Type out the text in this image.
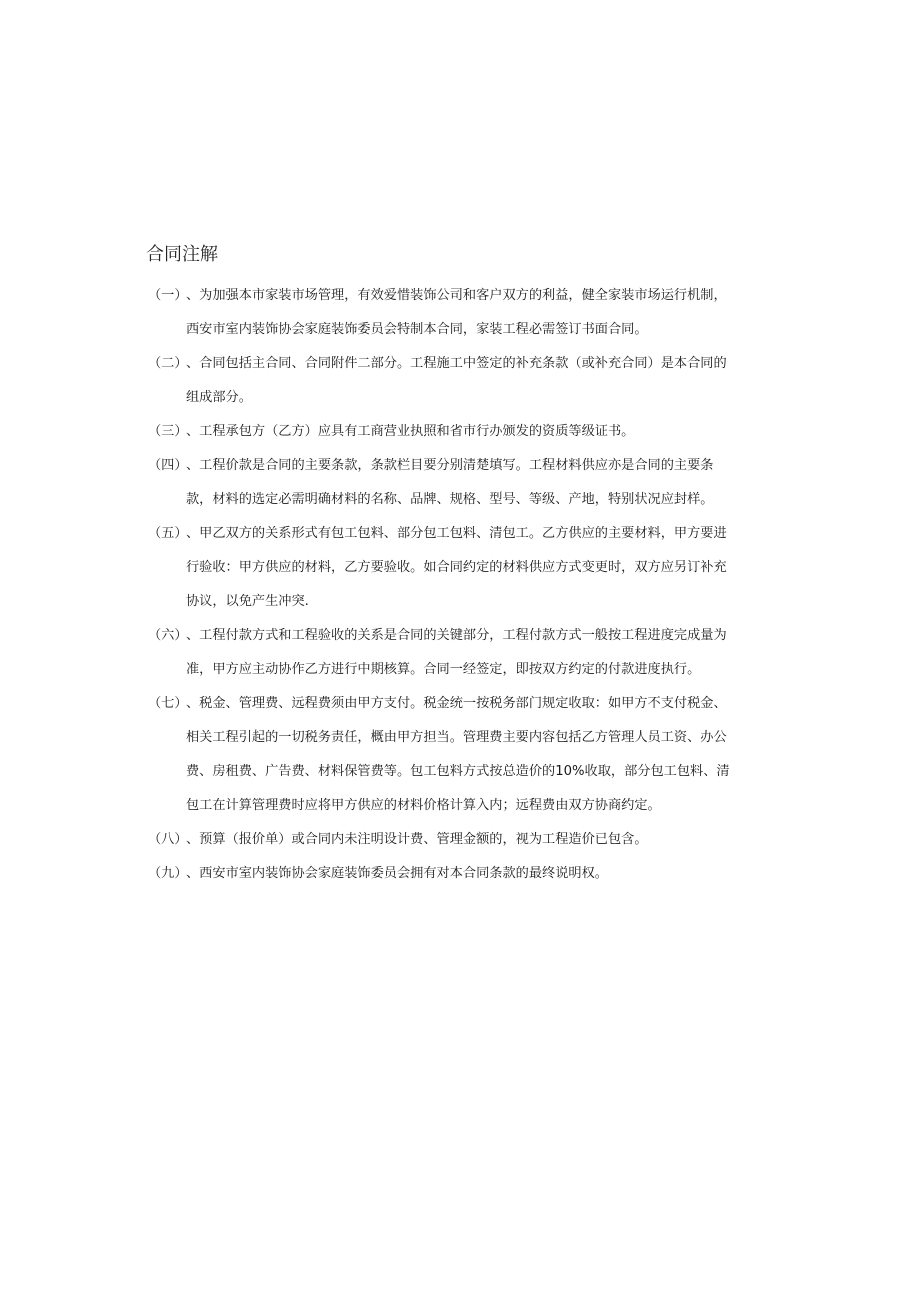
合同注解
（一）
、为加强本市家装市场管理，有效爱惜装饰公司和客户双方的利益，健全家装市场运行机制，西安市室内装饰协会家庭装饰委员会特制本合同，家装工程必需签订书面合同。
（二）
、合同包括主合同、合同附件二部分。工程施工中签定的补充条款（或补充合同）是本合同的组成部分。
（三）
、工程承包方（乙方）应具有工商营业执照和省市行办颁发的资质等级证书。
（四）
、工程价款是合同的主要条款，条款栏目要分别清楚填写。工程材料供应亦是合同的主要条款，材料的选定必需明确材料的名称、品牌、规格、型号、等级、产地，特别状况应封样。
（五）
、甲乙双方的关系形式有包工包料、部分包工包料、清包工。乙方供应的主要材料，甲方要进行验收：甲方供应的材料，乙方要验收。如合同约定的材料供应方式变更时，双方应另订补充协议，以免产生冲突.
（六）
、工程付款方式和工程验收的关系是合同的关键部分，工程付款方式一般按工程进度完成量为准，甲方应主动协作乙方进行中期核算。合同一经签定，即按双方约定的付款进度执行。
（七）
、税金、管理费、远程费须由甲方支付。税金统一按税务部门规定收取：如甲方不支付税金、相关工程引起的一切税务责任，概由甲方担当。管理费主要内容包括乙方管理人员工资、办公费、房租费、广告费、材料保管费等。包工包料方式按总造价的10%收取，部分包工包料、清包工在计算管理费时应将甲方供应的材料价格计算入内；远程费由双方协商约定。
（八）
、预算（报价单）或合同内未注明设计费、管理金额的，视为工程造价已包含。
（九）
、西安市室内装饰协会家庭装饰委员会拥有对本合同条款的最终说明权。
